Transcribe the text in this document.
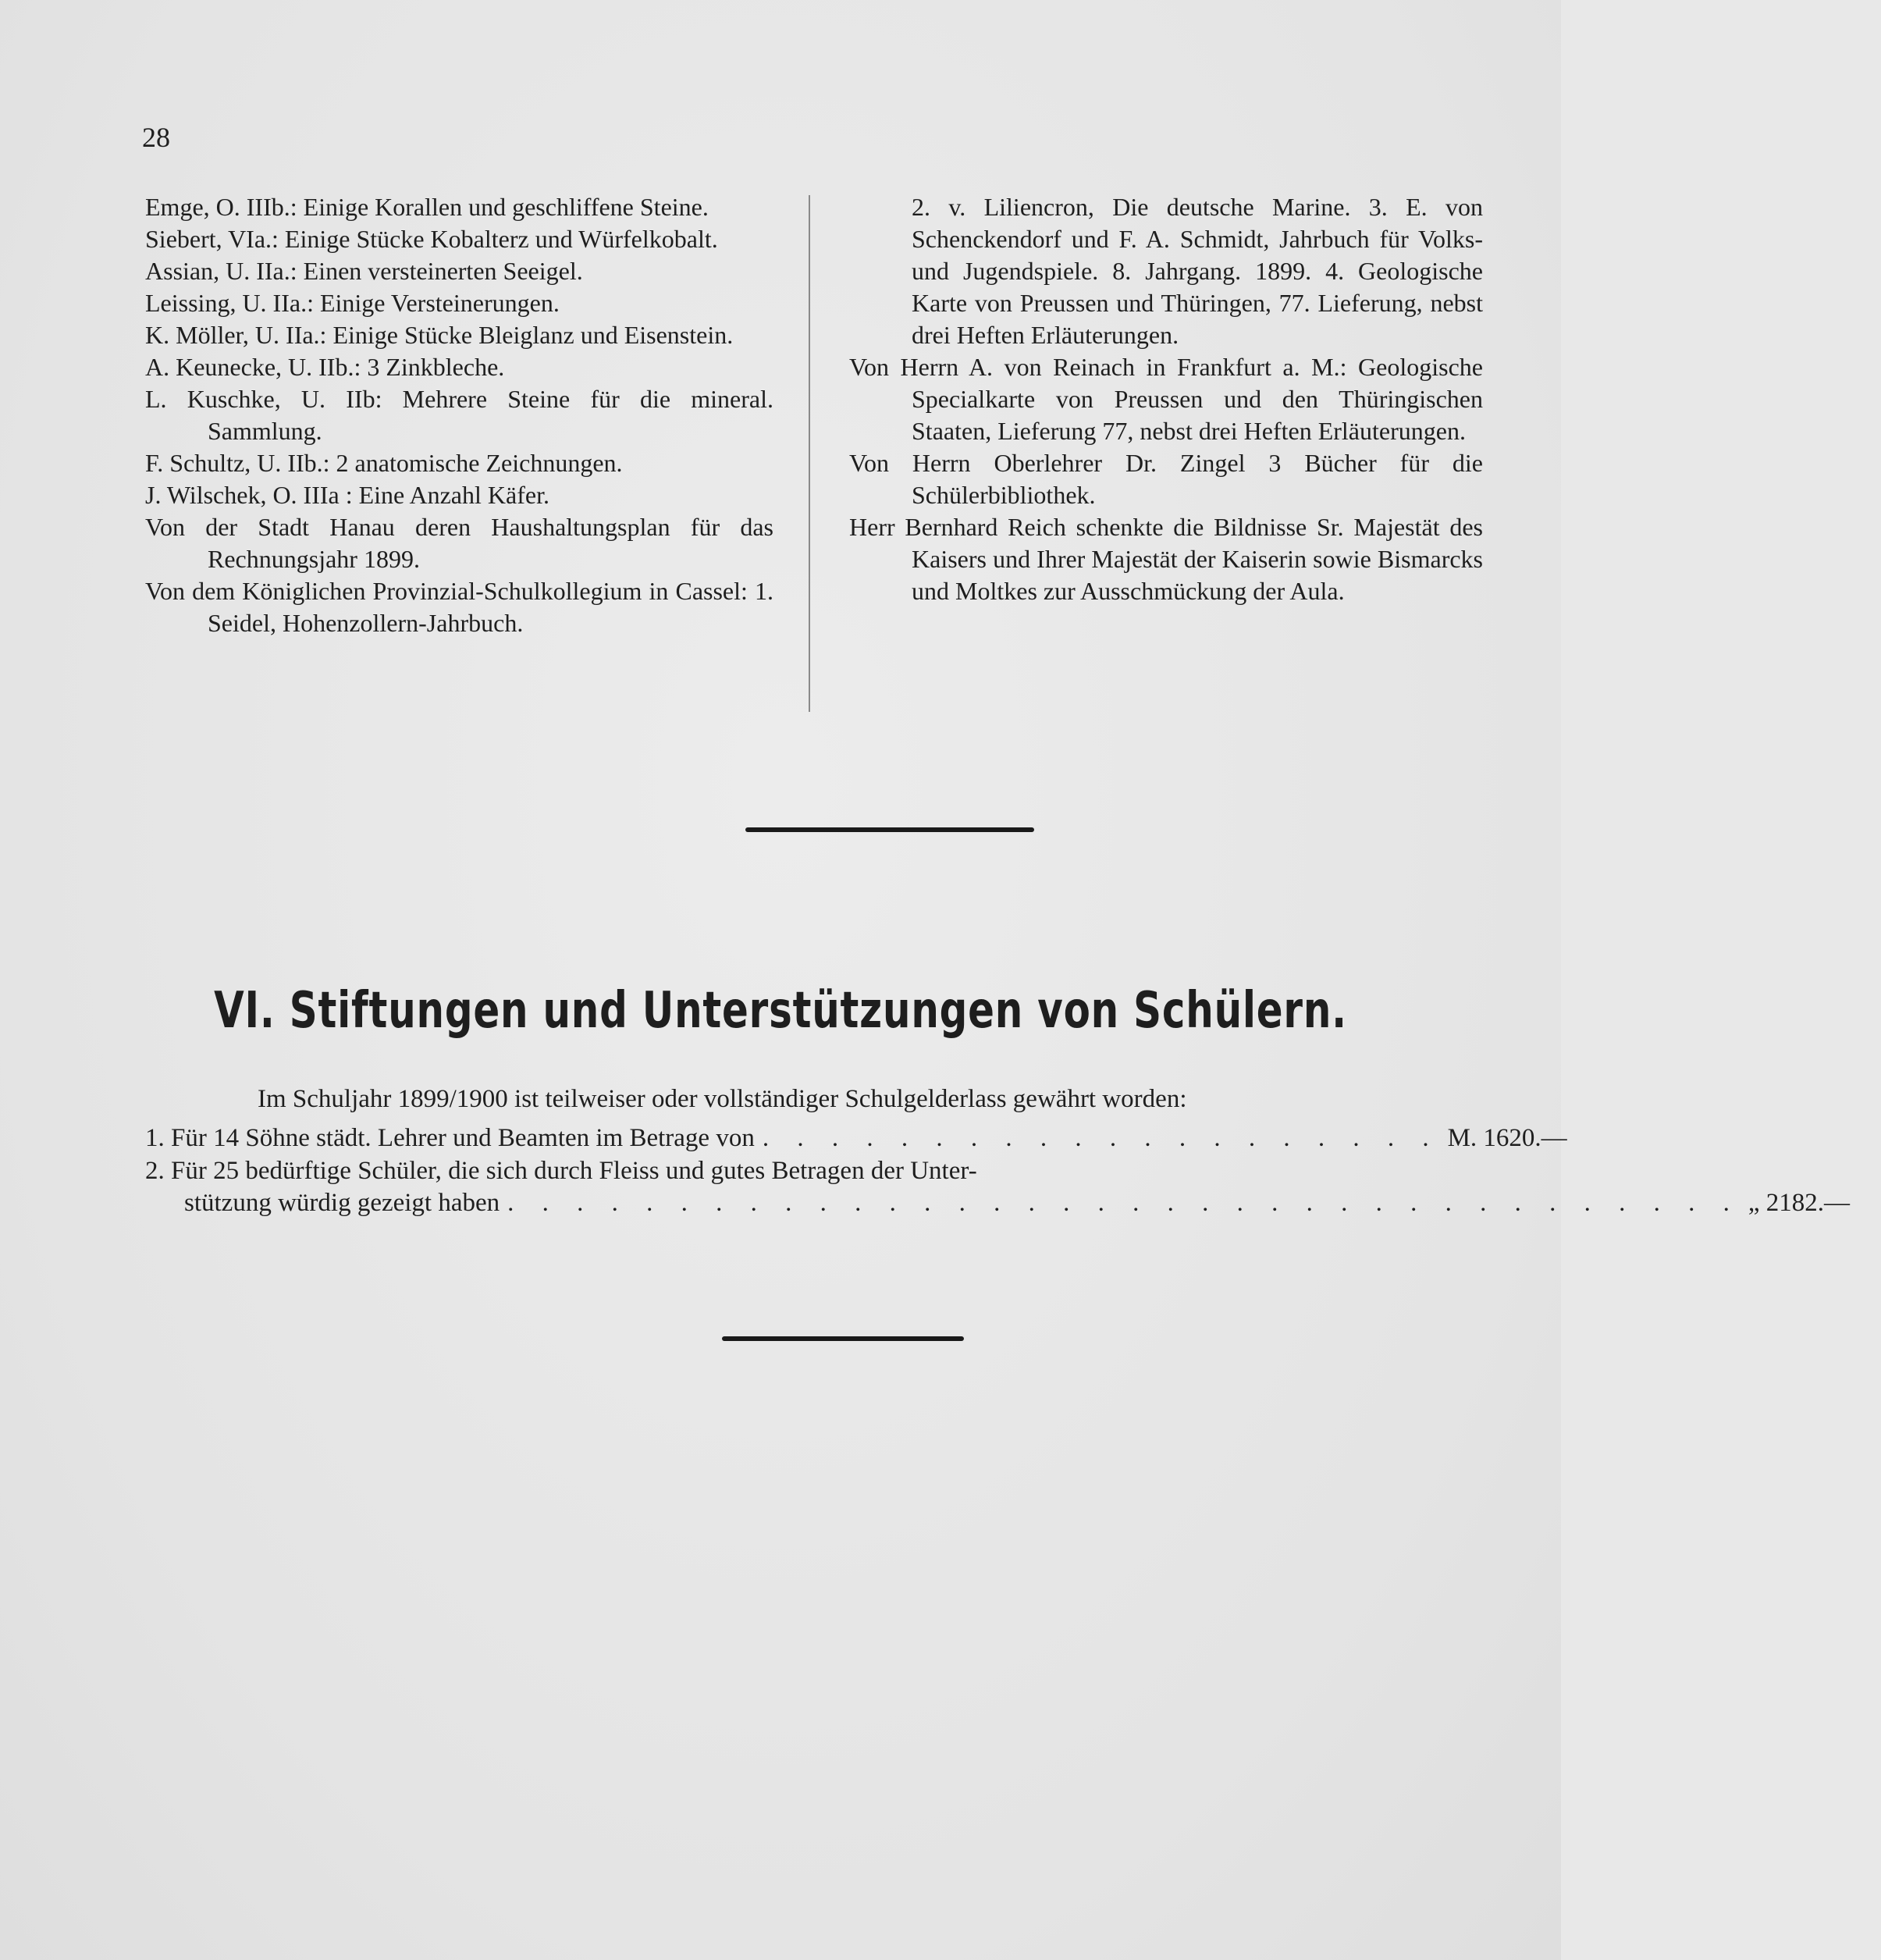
28
Emge, O. IIIb.: Einige Korallen und geschliffene Steine.
Siebert, VIa.: Einige Stücke Kobalterz und Würfelkobalt.
Assian, U. IIa.: Einen versteinerten Seeigel.
Leissing, U. IIa.: Einige Versteinerungen.
K. Möller, U. IIa.: Einige Stücke Bleiglanz und Eisenstein.
A. Keunecke, U. IIb.: 3 Zinkbleche.
L. Kuschke, U. IIb: Mehrere Steine für die mineral. Sammlung.
F. Schultz, U. IIb.: 2 anatomische Zeichnungen.
J. Wilschek, O. IIIa : Eine Anzahl Käfer.
Von der Stadt Hanau deren Haushaltungsplan für das Rechnungsjahr 1899.
Von dem Königlichen Provinzial-Schulkollegium in Cassel: 1. Seidel, Hohenzollern-Jahrbuch.
2. v. Liliencron, Die deutsche Marine. 3. E. von Schenckendorf und F. A. Schmidt, Jahrbuch für Volks- und Jugendspiele. 8. Jahrgang. 1899. 4. Geologische Karte von Preussen und Thüringen, 77. Lieferung, nebst drei Heften Erläuterungen.
Von Herrn A. von Reinach in Frankfurt a. M.: Geologische Specialkarte von Preussen und den Thüringischen Staaten, Lieferung 77, nebst drei Heften Erläuterungen.
Von Herrn Oberlehrer Dr. Zingel 3 Bücher für die Schülerbibliothek.
Herr Bernhard Reich schenkte die Bildnisse Sr. Majestät des Kaisers und Ihrer Majestät der Kaiserin sowie Bismarcks und Moltkes zur Ausschmückung der Aula.
VI. Stiftungen und Unterstützungen von Schülern.
Im Schuljahr 1899/1900 ist teilweiser oder vollständiger Schulgelderlass gewährt worden:
1. Für 14 Söhne städt. Lehrer und Beamten im Betrage von . . . . . . . . . . . . . . . . . . . . M. 1620.—
2. Für 25 bedürftige Schüler, die sich durch Fleiss und gutes Betragen der Unter-
stützung würdig gezeigt haben . . . . . . . . . . . . . . . . . . . . . . . . . . . . . . . . . . . . „ 2182.—
